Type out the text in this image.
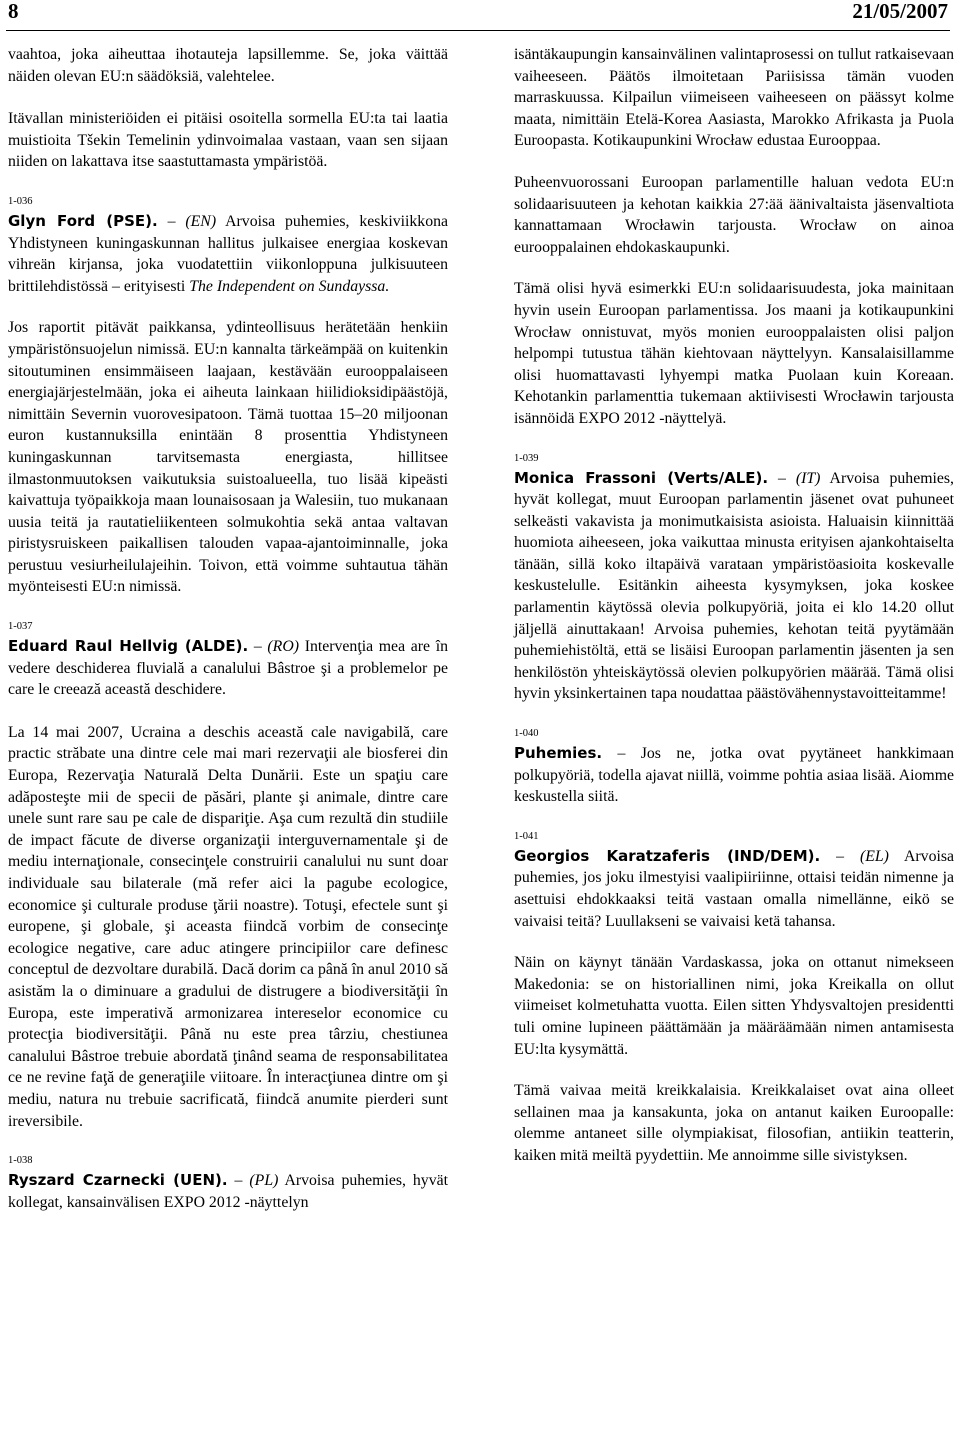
8	21/05/2007

vaahtoa, joka aiheuttaa ihotauteja lapsillemme. Se, joka väittää näiden olevan EU:n säädöksiä, valehtelee.

Itävallan ministeriöiden ei pitäisi osoitella sormella EU:ta tai laatia muistioita Tšekin Temelinin ydinvoimalaa vastaan, vaan sen sijaan niiden on lakattava itse saastuttamasta ympäristöä.

1-036

Glyn Ford (PSE). – (EN) Arvoisa puhemies, keskiviikkona Yhdistyneen kuningaskunnan hallitus julkaisee energiaa koskevan vihreän kirjansa, joka vuodatettiin viikonloppuna julkisuuteen brittilehdistössä – erityisesti The Independent on Sundayssa.

Jos raportit pitävät paikkansa, ydinteollisuus herätetään henkiin ympäristönsuojelun nimissä. EU:n kannalta tärkeämpää on kuitenkin sitoutuminen ensimmäiseen laajaan, kestävään eurooppalaiseen energiajärjestelmään, joka ei aiheuta lainkaan hiilidioksidipäästöjä, nimittäin Severnin vuorovesipatoon. Tämä tuottaa 15–20 miljoonan euron kustannuksilla enintään 8 prosenttia Yhdistyneen kuningaskunnan tarvitsemasta energiasta, hillitsee ilmastonmuutoksen vaikutuksia suistoalueella, tuo lisää kipeästi kaivattuja työpaikkoja maan lounaisosaan ja Walesiin, tuo mukanaan uusia teitä ja rautatieliikenteen solmukohtia sekä antaa valtavan piristysruiskeen paikallisen talouden vapaa-ajantoiminnalle, joka perustuu vesiurheilulajeihin. Toivon, että voimme suhtautua tähän myönteisesti EU:n nimissä.

1-037

Eduard Raul Hellvig (ALDE). – (RO) Intervenţia mea are în vedere deschiderea fluvială a canalului Bâstroe şi a problemelor pe care le creează această deschidere.

La 14 mai 2007, Ucraina a deschis această cale navigabilă, care practic străbate una dintre cele mai mari rezervaţii ale biosferei din Europa, Rezervaţia Naturală Delta Dunării. Este un spaţiu care adăposteşte mii de specii de păsări, plante şi animale, dintre care unele sunt rare sau pe cale de dispariţie. Aşa cum rezultă din studiile de impact făcute de diverse organizaţii interguvernamentale şi de mediu internaţionale, consecinţele construirii canalului nu sunt doar individuale sau bilaterale (mă refer aici la pagube ecologice, economice şi culturale produse ţării noastre). Totuşi, efectele sunt şi europene, şi globale, şi aceasta fiindcă vorbim de consecinţe ecologice negative, care aduc atingere principiilor care definesc conceptul de dezvoltare durabilă. Dacă dorim ca până în anul 2010 să asistăm la o diminuare a gradului de distrugere a biodiversităţii în Europa, este imperativă armonizarea intereselor economice cu protecţia biodiversităţii. Până nu este prea târziu, chestiunea canalului Bâstroe trebuie abordată ţinând seama de responsabilitatea ce ne revine faţă de generaţiile viitoare. În interacţiunea dintre om şi mediu, natura nu trebuie sacrificată, fiindcă anumite pierderi sunt ireversibile.

1-038

Ryszard Czarnecki (UEN). – (PL) Arvoisa puhemies, hyvät kollegat, kansainvälisen EXPO 2012 -näyttelyn

isäntäkaupungin kansainvälinen valintaprosessi on tullut ratkaisevaan vaiheeseen. Päätös ilmoitetaan Pariisissa tämän vuoden marraskuussa. Kilpailun viimeiseen vaiheeseen on päässyt kolme maata, nimittäin Etelä-Korea Aasiasta, Marokko Afrikasta ja Puola Euroopasta. Kotikaupunkini Wrocław edustaa Eurooppaa.

Puheenvuorossani Euroopan parlamentille haluan vedota EU:n solidaarisuuteen ja kehotan kaikkia 27:ää äänivaltaista jäsenvaltiota kannattamaan Wrocławin tarjousta. Wrocław on ainoa eurooppalainen ehdokaskaupunki.

Tämä olisi hyvä esimerkki EU:n solidaarisuudesta, joka mainitaan hyvin usein Euroopan parlamentissa. Jos maani ja kotikaupunkini Wrocław onnistuvat, myös monien eurooppalaisten olisi paljon helpompi tutustua tähän kiehtovaan näyttelyyn. Kansalaisillamme olisi huomattavasti lyhyempi matka Puolaan kuin Koreaan. Kehotankin parlamenttia tukemaan aktiivisesti Wrocławin tarjousta isännöidä EXPO 2012 -näyttelyä.

1-039

Monica Frassoni (Verts/ALE). – (IT) Arvoisa puhemies, hyvät kollegat, muut Euroopan parlamentin jäsenet ovat puhuneet selkeästi vakavista ja monimutkaisista asioista. Haluaisin kiinnittää huomiota aiheeseen, joka vaikuttaa minusta erityisen ajankohtaiselta tänään, sillä koko iltapäivä varataan ympäristöasioita koskevalle keskustelulle. Esitänkin aiheesta kysymyksen, joka koskee parlamentin käytössä olevia polkupyöriä, joita ei klo 14.20 ollut jäljellä ainuttakaan! Arvoisa puhemies, kehotan teitä pyytämään puhemiehistöltä, että se lisäisi Euroopan parlamentin jäsenten ja sen henkilöstön yhteiskäytössä olevien polkupyörien määrää. Tämä olisi hyvin yksinkertainen tapa noudattaa päästövähennystavoitteitamme!

1-040

Puhemies. – Jos ne, jotka ovat pyytäneet hankkimaan polkupyöriä, todella ajavat niillä, voimme pohtia asiaa lisää. Aiomme keskustella siitä.

1-041

Georgios Karatzaferis (IND/DEM). – (EL) Arvoisa puhemies, jos joku ilmestyisi vaalipiiriinne, ottaisi teidän nimenne ja asettuisi ehdokkaaksi teitä vastaan omalla nimellänne, eikö se vaivaisi teitä? Luullakseni se vaivaisi ketä tahansa.

Näin on käynyt tänään Vardaskassa, joka on ottanut nimekseen Makedonia: se on historiallinen nimi, joka Kreikalla on ollut viimeiset kolmetuhatta vuotta. Eilen sitten Yhdysvaltojen presidentti tuli omine lupineen päättämään ja määräämään nimen antamisesta EU:lta kysymättä.

Tämä vaivaa meitä kreikkalaisia. Kreikkalaiset ovat aina olleet sellainen maa ja kansakunta, joka on antanut kaiken Euroopalle: olemme antaneet sille olympiakisat, filosofian, antiikin teatterin, kaiken mitä meiltä pyydettiin. Me annoimme sille sivistyksen.
